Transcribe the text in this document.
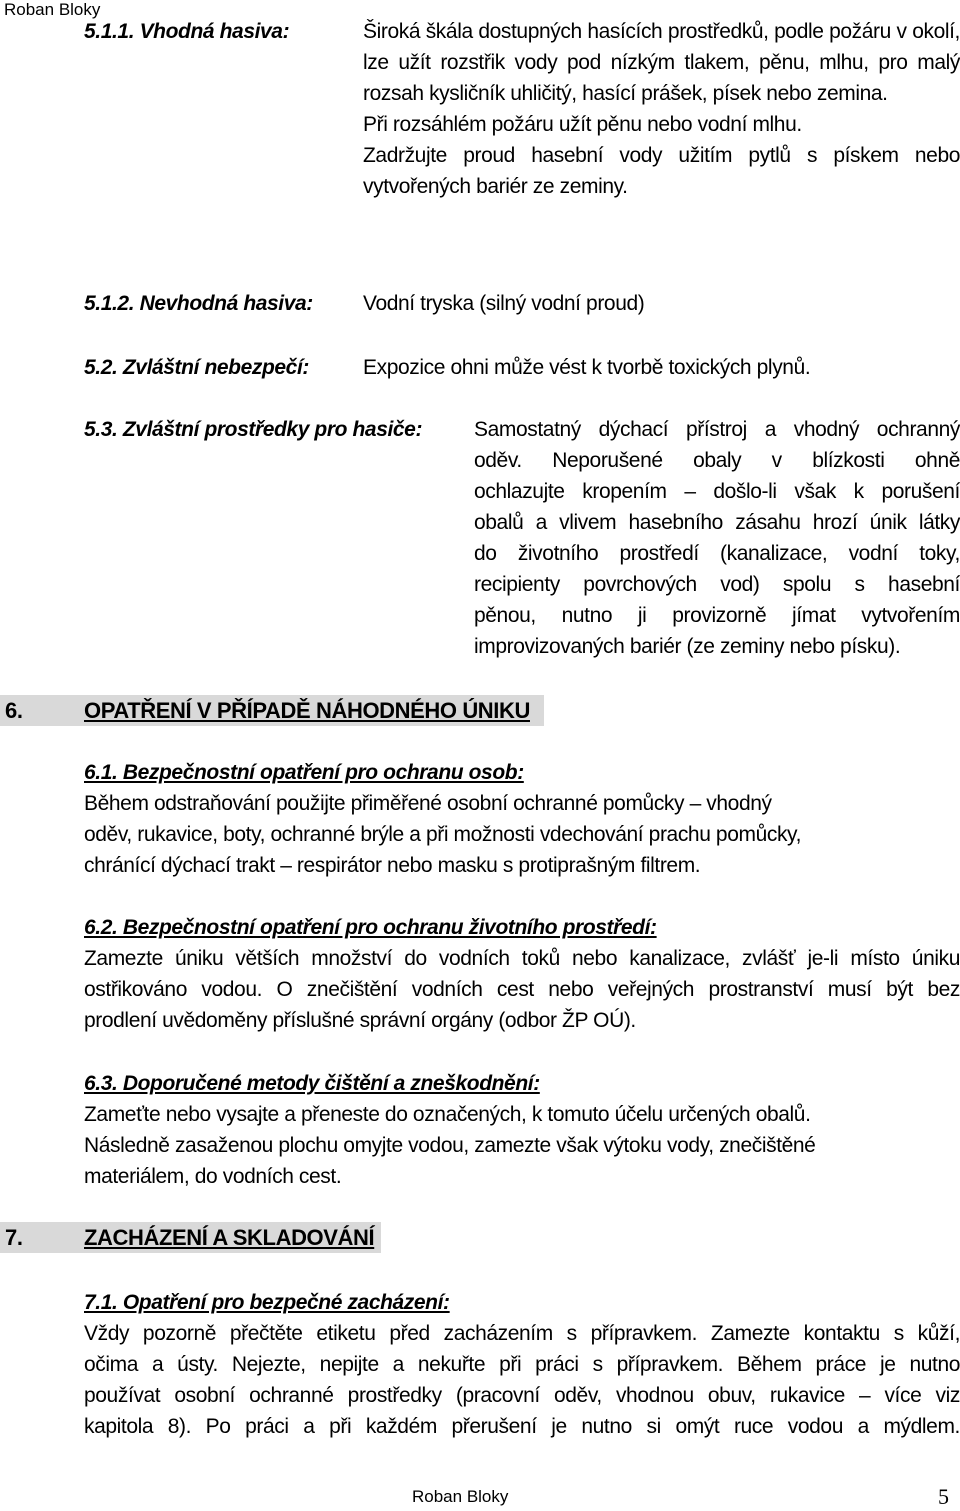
Roban Bloky
5.1.1. Vhodná hasiva:	Široká škála dostupných hasících prostředků, podle požáru v okolí, lze užít rozstřik vody pod nízkým tlakem, pěnu, mlhu, pro malý rozsah kysličník uhličitý, hasící prášek, písek nebo zemina.

Při rozsáhlém požáru užít pěnu nebo vodní mlhu.

Zadržujte proud hasební vody užitím pytlů s pískem nebo vytvořených bariér ze zeminy.

5.1.2. Nevhodná hasiva: Vodní tryska (silný vodní proud)
5.2. Zvláštní nebezpečí:	Expozice ohni může vést k tvorbě toxických plynů.
5.3. Zvláštní prostředky pro hasiče: Samostatný dýchací přístroj a vhodný ochranný

oděv. Neporušené obaly v blízkosti ohně

ochlazujte kropením – došlo-li však k porušení

obalů a vlivem hasebního zásahu hrozí únik látky

do životního prostředí (kanalizace, vodní toky,

recipienty povrchových vod) spolu s hasební

pěnou, nutno ji provizorně jímat vytvořením

improvizovaných bariér (ze zeminy nebo písku).

6.	OPATŘENÍ V PŘÍPADĚ NÁHODNÉHO ÚNIKU
6.1. Bezpečnostní opatření pro ochranu osob:

Během odstraňování použijte přiměřené osobní ochranné pomůcky – vhodný

oděv, rukavice, boty, ochranné brýle a při možnosti vdechování prachu pomůcky,

chránící dýchací trakt – respirátor nebo masku s protiprašným filtrem.

6.2. Bezpečnostní opatření pro ochranu životního prostředí:

Zamezte úniku větších množství do vodních toků nebo kanalizace, zvlášť je-li místo úniku

ostřikováno vodou. O znečištění vodních cest nebo veřejných prostranství musí být bez

prodlení uvědoměny příslušné správní orgány (odbor ŽP OÚ).

6.3. Doporučené metody čištění a zneškodnění:

Zameťte nebo vysajte a přeneste do označených, k tomuto účelu určených obalů.

Následně zasaženou plochu omyjte vodou, zamezte však výtoku vody, znečištěné

materiálem, do vodních cest.

7.	ZACHÁZENÍ A SKLADOVÁNÍ
7.1. Opatření pro bezpečné zacházení:

Vždy pozorně přečtěte etiketu před zacházením s přípravkem. Zamezte kontaktu s kůží,

očima a ústy. Nejezte, nepijte a nekuřte při práci s přípravkem. Během práce je nutno

používat osobní ochranné prostředky (pracovní oděv, vhodnou obuv, rukavice – více viz

kapitola 8). Po práci a při každém přerušení je nutno si omýt ruce vodou a mýdlem.

Roban Bloky	5
